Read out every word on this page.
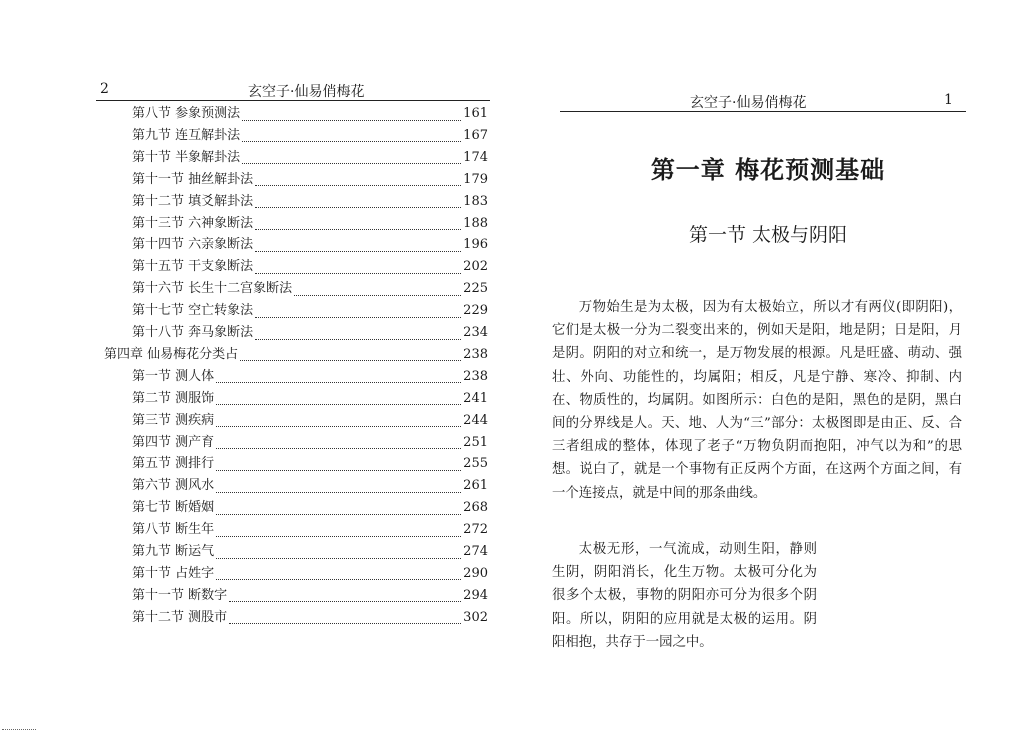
2	玄空子·仙易俏梅花
第八节 参象预测法	161
第九节 连互解卦法	167
第十节 半象解卦法	174
第十一节 抽丝解卦法	179
第十二节 填爻解卦法	183
第十三节 六神象断法	188
第十四节 六亲象断法	196
第十五节 干支象断法	202
第十六节 长生十二宫象断法	225
第十七节 空亡转象法	229
第十八节 奔马象断法	234
第四章 仙易梅花分类占	238
第一节 测人体	238
第二节 测服饰	241
第三节 测疾病	244
第四节 测产育	251
第五节 测排行	255
第六节 测风水	261
第七节 断婚姻	268
第八节 断生年	272
第九节 断运气	274
第十节 占姓字	290
第十一节 断数字	294
第十二节 测股市	302
玄空子·仙易俏梅花	1
第一章 梅花预测基础
第一节 太极与阴阳
万物始生是为太极，因为有太极始立，所以才有两仪(即阴阳)，它们是太极一分为二裂变出来的，例如天是阳，地是阴；日是阳，月是阴。阴阳的对立和统一，是万物发展的根源。凡是旺盛、萌动、强壮、外向、功能性的，均属阳；相反，凡是宁静、寒冷、抑制、内在、物质性的，均属阴。如图所示：白色的是阳，黑色的是阴，黑白间的分界线是人。天、地、人为“三”部分：太极图即是由正、反、合三者组成的整体，体现了老子“万物负阴而抱阳，冲气以为和”的思想。说白了，就是一个事物有正反两个方面，在这两个方面之间，有一个连接点，就是中间的那条曲线。
太极无形，一气流成，动则生阳，静则生阴，阴阳消长，化生万物。太极可分化为很多个太极，事物的阴阳亦可分为很多个阴阳。所以，阴阳的应用就是太极的运用。阴阳相抱，共存于一园之中。
